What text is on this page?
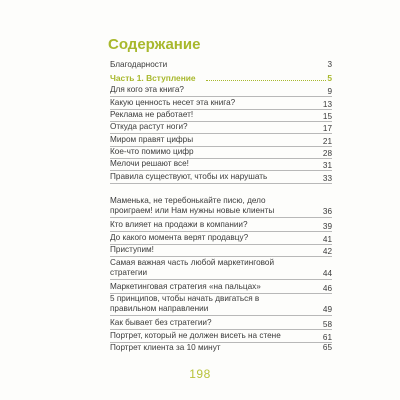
Содержание
Благодарности	3
Часть 1. Вступление	5
Для кого эта книга?	9
Какую ценность несет эта книга?	13
Реклама не работает!	15
Откуда растут ноги?	17
Миром правят цифры	21
Кое-что помимо цифр	28
Мелочи решают все!	31
Правила существуют, чтобы их нарушать	33
Маменька, не теребонькайте писю, дело проиграем! или Нам нужны новые клиенты	36
Кто влияет на продажи в компании?	39
До какого момента верят продавцу?	41
Приступим!	42
Самая важная часть любой маркетинговой стратегии	44
Маркетинговая стратегия «на пальцах»	46
5 принципов, чтобы начать двигаться в правильном направлении	49
Как бывает без стратегии?	58
Портрет, который не должен висеть на стене	61
Портрет клиента за 10 минут	65
198
